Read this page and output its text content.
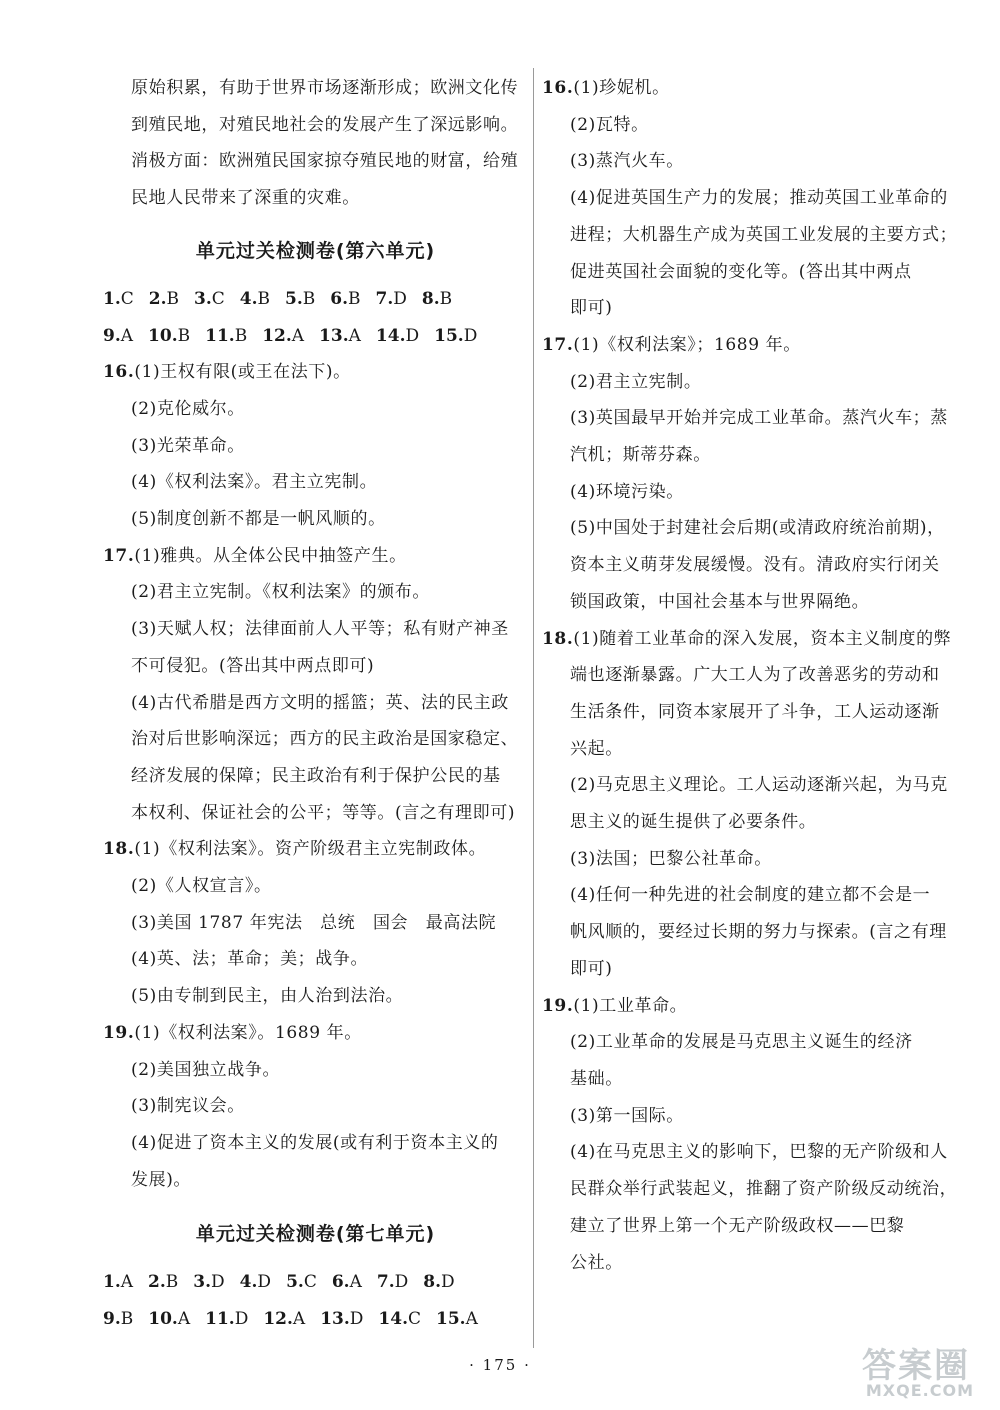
原始积累，有助于世界市场逐渐形成；欧洲文化传
到殖民地，对殖民地社会的发展产生了深远影响。
消极方面：欧洲殖民国家掠夺殖民地的财富，给殖
民地人民带来了深重的灾难。
单元过关检测卷(第六单元)
1.C 2.B 3.C 4.B 5.B 6.B 7.D 8.B
9.A 10.B 11.B 12.A 13.A 14.D 15.D
16.(1)王权有限(或王在法下)。
(2)克伦威尔。
(3)光荣革命。
(4)《权利法案》。君主立宪制。
(5)制度创新不都是一帆风顺的。
17.(1)雅典。从全体公民中抽签产生。
(2)君主立宪制。《权利法案》的颁布。
(3)天赋人权；法律面前人人平等；私有财产神圣
不可侵犯。(答出其中两点即可)
(4)古代希腊是西方文明的摇篮；英、法的民主政
治对后世影响深远；西方的民主政治是国家稳定、
经济发展的保障；民主政治有利于保护公民的基
本权利、保证社会的公平；等等。(言之有理即可)
18.(1)《权利法案》。资产阶级君主立宪制政体。
(2)《人权宣言》。
(3)美国 1787 年宪法　总统　国会　最高法院
(4)英、法；革命；美；战争。
(5)由专制到民主，由人治到法治。
19.(1)《权利法案》。1689 年。
(2)美国独立战争。
(3)制宪议会。
(4)促进了资本主义的发展(或有利于资本主义的
发展)。
单元过关检测卷(第七单元)
1.A 2.B 3.D 4.D 5.C 6.A 7.D 8.D
9.B 10.A 11.D 12.A 13.D 14.C 15.A
16.(1)珍妮机。
(2)瓦特。
(3)蒸汽火车。
(4)促进英国生产力的发展；推动英国工业革命的
进程；大机器生产成为英国工业发展的主要方式；
促进英国社会面貌的变化等。(答出其中两点
即可)
17.(1)《权利法案》；1689 年。
(2)君主立宪制。
(3)英国最早开始并完成工业革命。蒸汽火车；蒸
汽机；斯蒂芬森。
(4)环境污染。
(5)中国处于封建社会后期(或清政府统治前期)，
资本主义萌芽发展缓慢。没有。清政府实行闭关
锁国政策，中国社会基本与世界隔绝。
18.(1)随着工业革命的深入发展，资本主义制度的弊
端也逐渐暴露。广大工人为了改善恶劣的劳动和
生活条件，同资本家展开了斗争，工人运动逐渐
兴起。
(2)马克思主义理论。工人运动逐渐兴起，为马克
思主义的诞生提供了必要条件。
(3)法国；巴黎公社革命。
(4)任何一种先进的社会制度的建立都不会是一
帆风顺的，要经过长期的努力与探索。(言之有理
即可)
19.(1)工业革命。
(2)工业革命的发展是马克思主义诞生的经济
基础。
(3)第一国际。
(4)在马克思主义的影响下，巴黎的无产阶级和人
民群众举行武装起义，推翻了资产阶级反动统治，
建立了世界上第一个无产阶级政权——巴黎
公社。
· 175 ·	答案圈
MXQE.COM
